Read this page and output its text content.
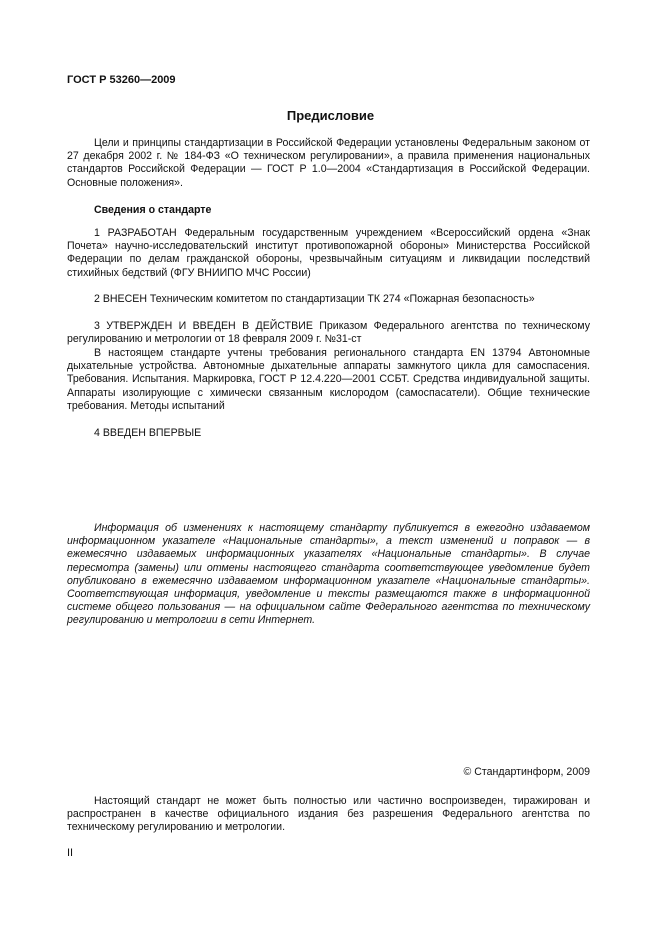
ГОСТ Р 53260—2009
Предисловие

Цели и принципы стандартизации в Российской Федерации установлены Федеральным законом от 27 декабря 2002 г. № 184-ФЗ «О техническом регулировании», а правила применения национальных стандартов Российской Федерации — ГОСТ Р 1.0—2004 «Стандартизация в Российской Федерации. Основные положения».

Сведения о стандарте

1 РАЗРАБОТАН Федеральным государственным учреждением «Всероссийский ордена «Знак Почета» научно-исследовательский институт противопожарной обороны» Министерства Российской Федерации по делам гражданской обороны, чрезвычайным ситуациям и ликвидации последствий стихийных бедствий (ФГУ ВНИИПО МЧС России)

2 ВНЕСЕН Техническим комитетом по стандартизации ТК 274 «Пожарная безопасность»

3 УТВЕРЖДЕН И ВВЕДЕН В ДЕЙСТВИЕ Приказом Федерального агентства по техническому регулированию и метрологии от 18 февраля 2009 г. №31-ст

В настоящем стандарте учтены требования регионального стандарта EN 13794 Автономные дыхательные устройства. Автономные дыхательные аппараты замкнутого цикла для самоспасения. Требования. Испытания. Маркировка, ГОСТ Р 12.4.220—2001 ССБТ. Средства индивидуальной защиты. Аппараты изолирующие с химически связанным кислородом (самоспасатели). Общие технические требования. Методы испытаний

4 ВВЕДЕН ВПЕРВЫЕ

Информация об изменениях к настоящему стандарту публикуется в ежегодно издаваемом информационном указателе «Национальные стандарты», а текст изменений и поправок — в ежемесячно издаваемых информационных указателях «Национальные стандарты». В случае пересмотра (замены) или отмены настоящего стандарта соответствующее уведомление будет опубликовано в ежемесячно издаваемом информационном указателе «Национальные стандарты». Соответствующая информация, уведомление и тексты размещаются также в информационной системе общего пользования — на официальном сайте Федерального агентства по техническому регулированию и метрологии в сети Интернет.

© Стандартинформ, 2009

Настоящий стандарт не может быть полностью или частично воспроизведен, тиражирован и распространен в качестве официального издания без разрешения Федерального агентства по техническому регулированию и метрологии.

II
